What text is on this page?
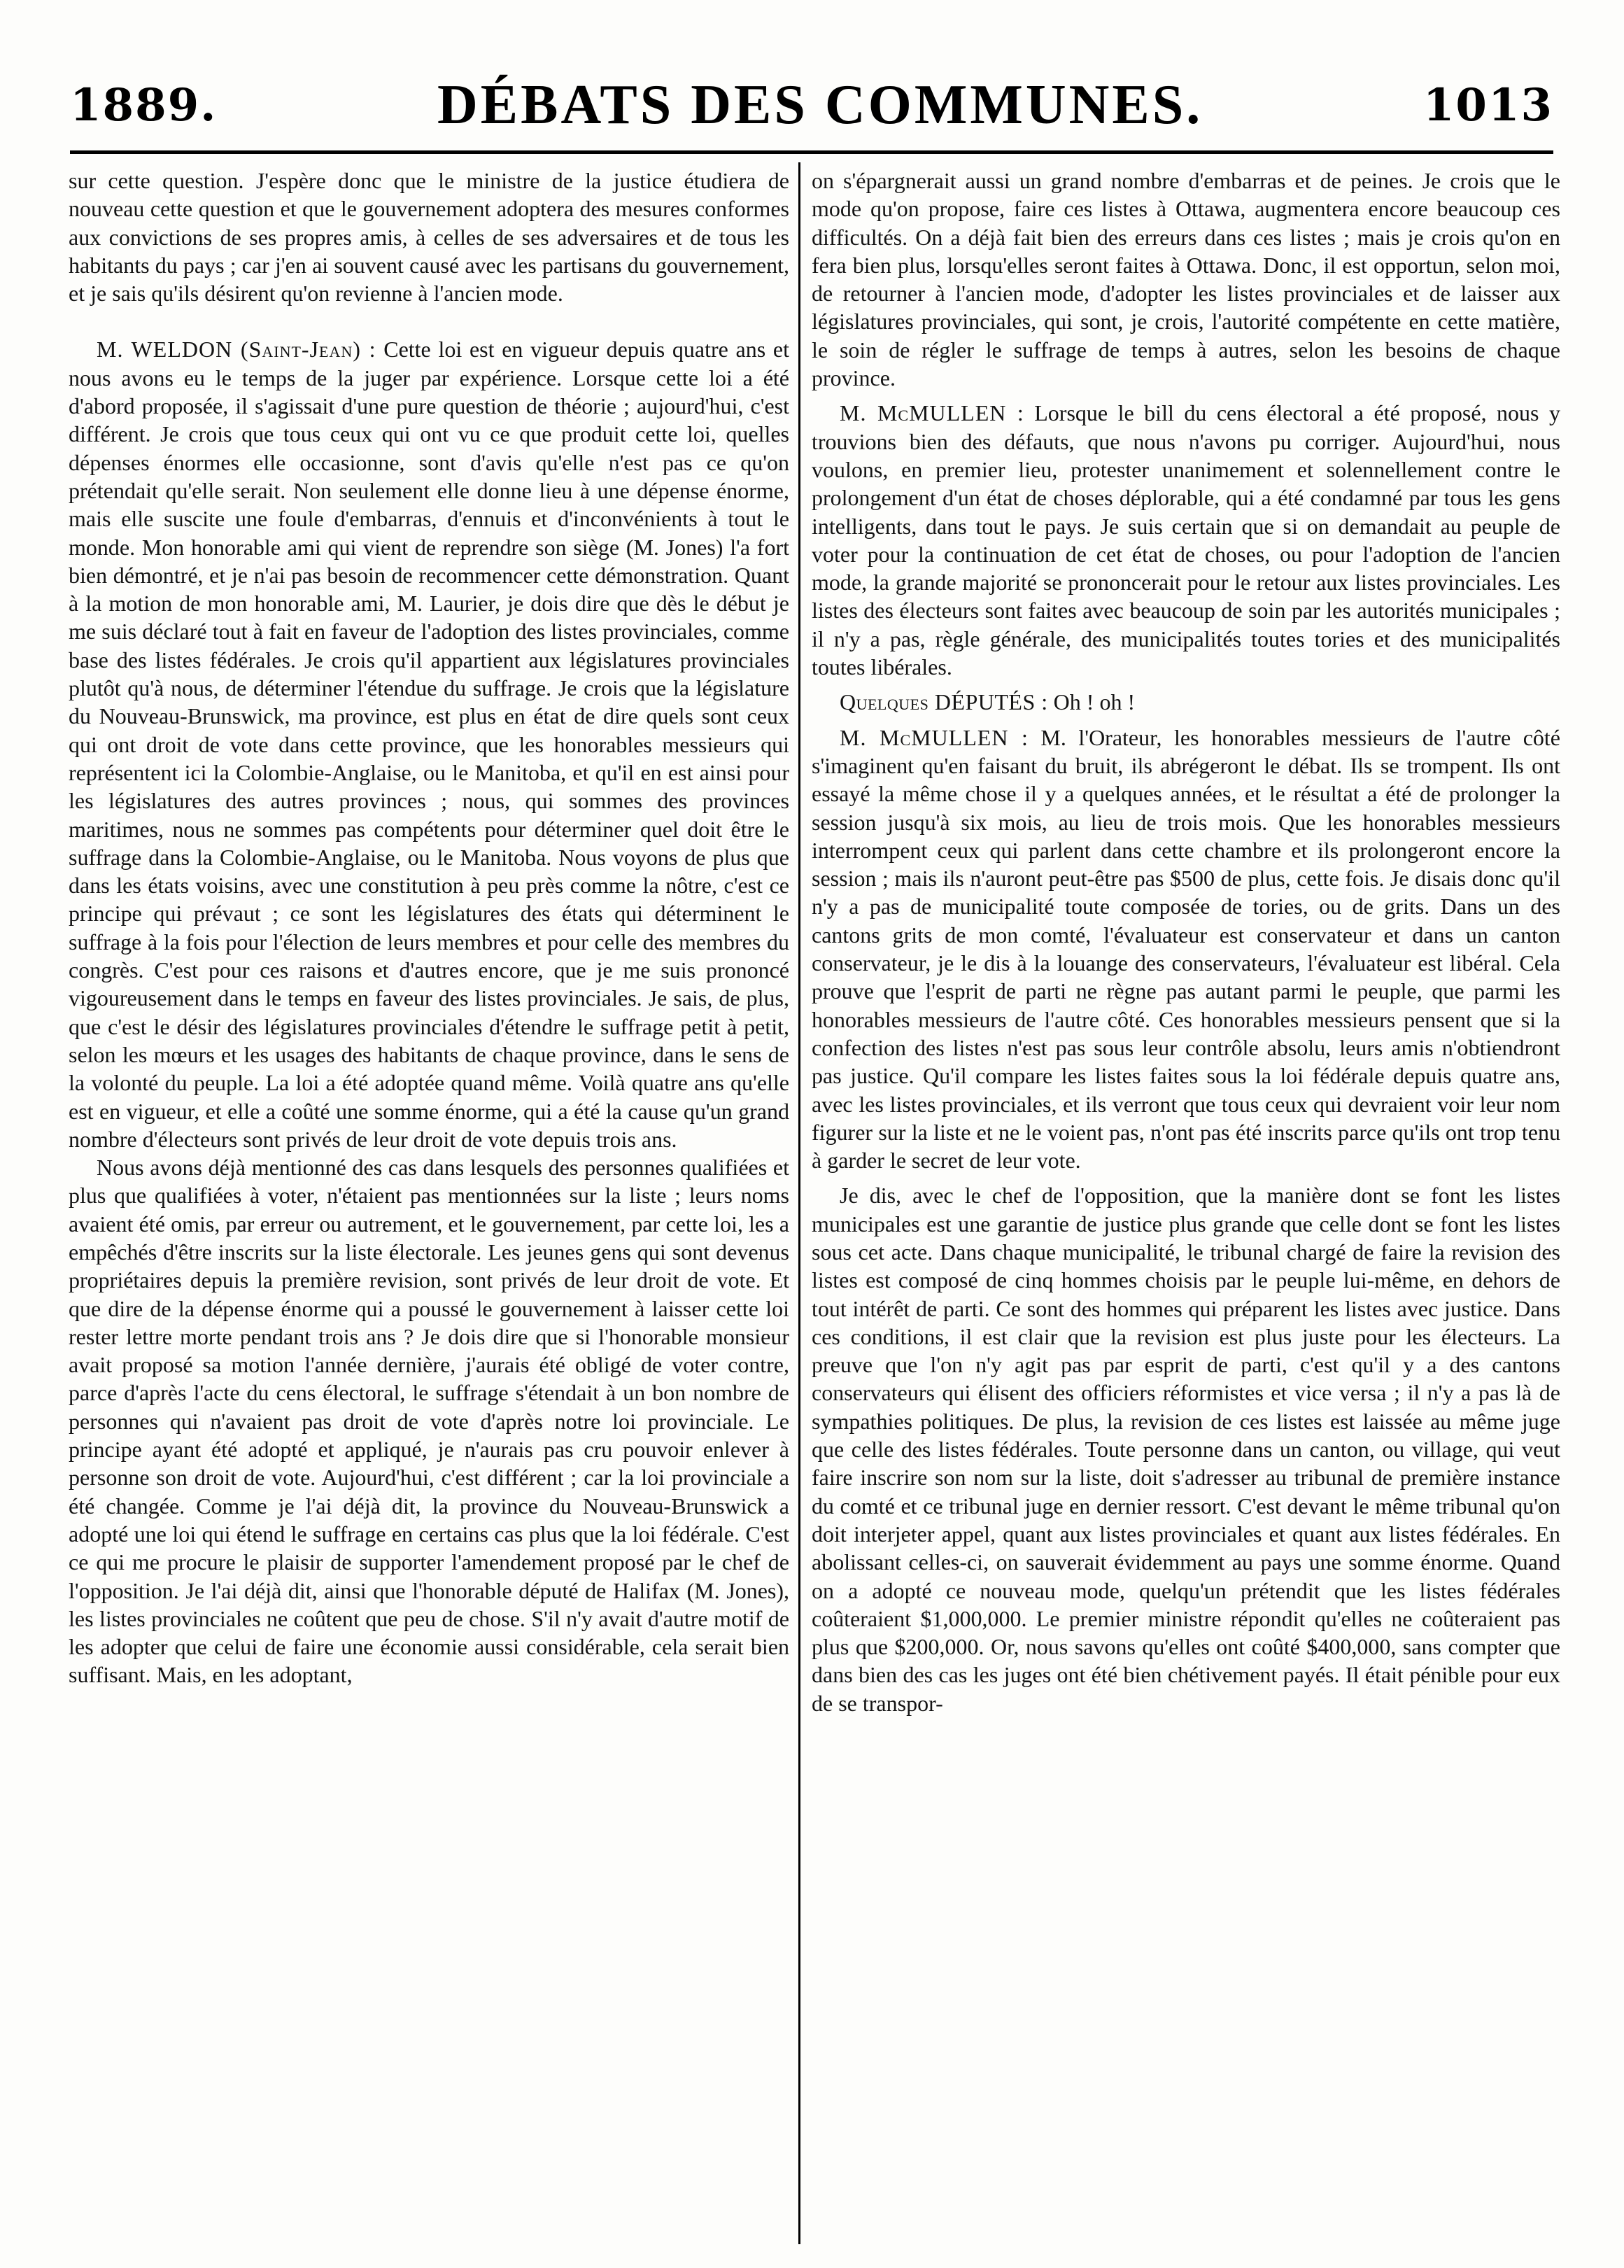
1889.	DÉBATS DES COMMUNES.	1013

sur cette question. J'espère donc que le ministre de la justice étudiera de nouveau cette question et que le gouvernement adoptera des mesures conformes aux convictions de ses propres amis, à celles de ses adversaires et de tous les habitants du pays ; car j'en ai souvent causé avec les partisans du gouvernement, et je sais qu'ils désirent qu'on revienne à l'ancien mode.

M. WELDON (Saint-Jean) : Cette loi est en vigueur depuis quatre ans et nous avons eu le temps de la juger par expérience. Lorsque cette loi a été d'abord proposée, il s'agissait d'une pure question de théorie ; aujourd'hui, c'est différent. Je crois que tous ceux qui ont vu ce que produit cette loi, quelles dépenses énormes elle occasionne, sont d'avis qu'elle n'est pas ce qu'on prétendait qu'elle serait. Non seulement elle donne lieu à une dépense énorme, mais elle suscite une foule d'embarras, d'ennuis et d'inconvénients à tout le monde. Mon honorable ami qui vient de reprendre son siège (M. Jones) l'a fort bien démontré, et je n'ai pas besoin de recommencer cette démonstration. Quant à la motion de mon honorable ami, M. Laurier, je dois dire que dès le début je me suis déclaré tout à fait en faveur de l'adoption des listes provinciales, comme base des listes fédérales. Je crois qu'il appartient aux législatures provinciales plutôt qu'à nous, de déterminer l'étendue du suffrage. Je crois que la législature du Nouveau-Brunswick, ma province, est plus en état de dire quels sont ceux qui ont droit de vote dans cette province, que les honorables messieurs qui représentent ici la Colombie-Anglaise, ou le Manitoba, et qu'il en est ainsi pour les législatures des autres provinces ; nous, qui sommes des provinces maritimes, nous ne sommes pas compétents pour déterminer quel doit être le suffrage dans la Colombie-Anglaise, ou le Manitoba. Nous voyons de plus que dans les états voisins, avec une constitution à peu près comme la nôtre, c'est ce principe qui prévaut ; ce sont les législatures des états qui déterminent le suffrage à la fois pour l'élection de leurs membres et pour celle des membres du congrès. C'est pour ces raisons et d'autres encore, que je me suis prononcé vigoureusement dans le temps en faveur des listes provinciales. Je sais, de plus, que c'est le désir des législatures provinciales d'étendre le suffrage petit à petit, selon les mœurs et les usages des habitants de chaque province, dans le sens de la volonté du peuple. La loi a été adoptée quand même. Voilà quatre ans qu'elle est en vigueur, et elle a coûté une somme énorme, qui a été la cause qu'un grand nombre d'électeurs sont privés de leur droit de vote depuis trois ans.

Nous avons déjà mentionné des cas dans lesquels des personnes qualifiées et plus que qualifiées à voter, n'étaient pas mentionnées sur la liste ; leurs noms avaient été omis, par erreur ou autrement, et le gouvernement, par cette loi, les a empêchés d'être inscrits sur la liste électorale. Les jeunes gens qui sont devenus propriétaires depuis la première revision, sont privés de leur droit de vote. Et que dire de la dépense énorme qui a poussé le gouvernement à laisser cette loi rester lettre morte pendant trois ans ? Je dois dire que si l'honorable monsieur avait proposé sa motion l'année dernière, j'aurais été obligé de voter contre, parce d'après l'acte du cens électoral, le suffrage s'étendait à un bon nombre de personnes qui n'avaient pas droit de vote d'après notre loi provinciale. Le principe ayant été adopté et appliqué, je n'aurais pas cru pouvoir enlever à personne son droit de vote. Aujourd'hui, c'est différent ; car la loi provinciale a été changée. Comme je l'ai déjà dit, la province du Nouveau-Brunswick a adopté une loi qui étend le suffrage en certains cas plus que la loi fédérale. C'est ce qui me procure le plaisir de supporter l'amendement proposé par le chef de l'opposition. Je l'ai déjà dit, ainsi que l'honorable député de Halifax (M. Jones), les listes provinciales ne coûtent que peu de chose. S'il n'y avait d'autre motif de les adopter que celui de faire une économie aussi considérable, cela serait bien suffisant. Mais, en les adoptant,

on s'épargnerait aussi un grand nombre d'embarras et de peines. Je crois que le mode qu'on propose, faire ces listes à Ottawa, augmentera encore beaucoup ces difficultés. On a déjà fait bien des erreurs dans ces listes ; mais je crois qu'on en fera bien plus, lorsqu'elles seront faites à Ottawa. Donc, il est opportun, selon moi, de retourner à l'ancien mode, d'adopter les listes provinciales et de laisser aux législatures provinciales, qui sont, je crois, l'autorité compétente en cette matière, le soin de régler le suffrage de temps à autres, selon les besoins de chaque province.

M. McMULLEN : Lorsque le bill du cens électoral a été proposé, nous y trouvions bien des défauts, que nous n'avons pu corriger. Aujourd'hui, nous voulons, en premier lieu, protester unanimement et solennellement contre le prolongement d'un état de choses déplorable, qui a été condamné par tous les gens intelligents, dans tout le pays. Je suis certain que si on demandait au peuple de voter pour la continuation de cet état de choses, ou pour l'adoption de l'ancien mode, la grande majorité se prononcerait pour le retour aux listes provinciales. Les listes des électeurs sont faites avec beaucoup de soin par les autorités municipales ; il n'y a pas, règle générale, des municipalités toutes tories et des municipalités toutes libérales.

Quelques DÉPUTÉS : Oh ! oh !

M. McMULLEN : M. l'Orateur, les honorables messieurs de l'autre côté s'imaginent qu'en faisant du bruit, ils abrégeront le débat. Ils se trompent. Ils ont essayé la même chose il y a quelques années, et le résultat a été de prolonger la session jusqu'à six mois, au lieu de trois mois. Que les honorables messieurs interrompent ceux qui parlent dans cette chambre et ils prolongeront encore la session ; mais ils n'auront peut-être pas $500 de plus, cette fois. Je disais donc qu'il n'y a pas de municipalité toute composée de tories, ou de grits. Dans un des cantons grits de mon comté, l'évaluateur est conservateur et dans un canton conservateur, je le dis à la louange des conservateurs, l'évaluateur est libéral. Cela prouve que l'esprit de parti ne règne pas autant parmi le peuple, que parmi les honorables messieurs de l'autre côté. Ces honorables messieurs pensent que si la confection des listes n'est pas sous leur contrôle absolu, leurs amis n'obtiendront pas justice. Qu'il compare les listes faites sous la loi fédérale depuis quatre ans, avec les listes provinciales, et ils verront que tous ceux qui devraient voir leur nom figurer sur la liste et ne le voient pas, n'ont pas été inscrits parce qu'ils ont trop tenu à garder le secret de leur vote.

Je dis, avec le chef de l'opposition, que la manière dont se font les listes municipales est une garantie de justice plus grande que celle dont se font les listes sous cet acte. Dans chaque municipalité, le tribunal chargé de faire la revision des listes est composé de cinq hommes choisis par le peuple lui-même, en dehors de tout intérêt de parti. Ce sont des hommes qui préparent les listes avec justice. Dans ces conditions, il est clair que la revision est plus juste pour les électeurs. La preuve que l'on n'y agit pas par esprit de parti, c'est qu'il y a des cantons conservateurs qui élisent des officiers réformistes et vice versa ; il n'y a pas là de sympathies politiques. De plus, la revision de ces listes est laissée au même juge que celle des listes fédérales. Toute personne dans un canton, ou village, qui veut faire inscrire son nom sur la liste, doit s'adresser au tribunal de première instance du comté et ce tribunal juge en dernier ressort. C'est devant le même tribunal qu'on doit interjeter appel, quant aux listes provinciales et quant aux listes fédérales. En abolissant celles-ci, on sauverait évidemment au pays une somme énorme. Quand on a adopté ce nouveau mode, quelqu'un prétendit que les listes fédérales coûteraient $1,000,000. Le premier ministre répondit qu'elles ne coûteraient pas plus que $200,000. Or, nous savons qu'elles ont coûté $400,000, sans compter que dans bien des cas les juges ont été bien chétivement payés. Il était pénible pour eux de se transpor-
